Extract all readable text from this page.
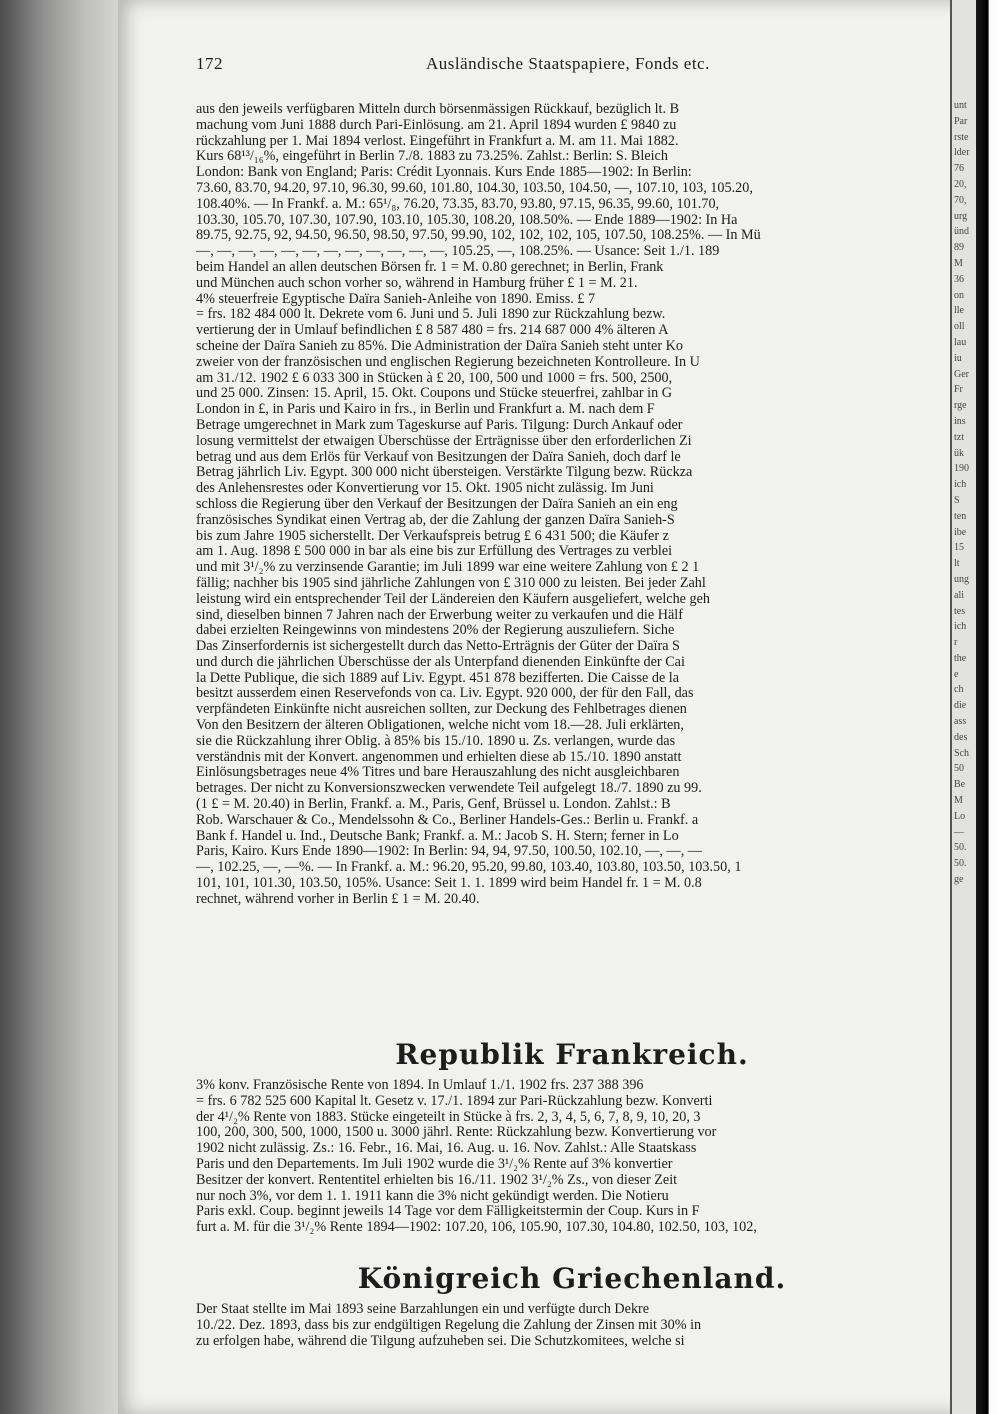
172	Ausländische Staatspapiere, Fonds etc.

aus den jeweils verfügbaren Mitteln durch börsenmässigen Rückkauf, bezüglich lt. B

machung vom Juni 1888 durch Pari-Einlösung. am 21. April 1894 wurden £ 9840 zu

rückzahlung per 1. Mai 1894 verlost. Eingeführt in Frankfurt a. M. am 11. Mai 1882.

Kurs 68¹³/₁₆%, eingeführt in Berlin 7./8. 1883 zu 73.25%. Zahlst.: Berlin: S. Bleich

London: Bank von England; Paris: Crédit Lyonnais. Kurs Ende 1885—1902: In Berlin:

73.60, 83.70, 94.20, 97.10, 96.30, 99.60, 101.80, 104.30, 103.50, 104.50, —, 107.10, 103, 105.20,

108.40%. — In Frankf. a. M.: 65¹/₈, 76.20, 73.35, 83.70, 93.80, 97.15, 96.35, 99.60, 101.70,

103.30, 105.70, 107.30, 107.90, 103.10, 105.30, 108.20, 108.50%. — Ende 1889—1902: In Ha

89.75, 92.75, 92, 94.50, 96.50, 98.50, 97.50, 99.90, 102, 102, 102, 105, 107.50, 108.25%. — In Mü

—, —, —, —, —, —, —, —, —, —, —, —, 105.25, —, 108.25%. — Usance: Seit 1./1. 189

beim Handel an allen deutschen Börsen fr. 1 = M. 0.80 gerechnet; in Berlin, Frank

und München auch schon vorher so, während in Hamburg früher £ 1 = M. 21.

4% steuerfreie Egyptische Daïra Sanieh-Anleihe von 1890. Emiss. £ 7

= frs. 182 484 000 lt. Dekrete vom 6. Juni und 5. Juli 1890 zur Rückzahlung bezw.

vertierung der in Umlauf befindlichen £ 8 587 480 = frs. 214 687 000 4% älteren A

scheine der Daïra Sanieh zu 85%. Die Administration der Daïra Sanieh steht unter Ko

zweier von der französischen und englischen Regierung bezeichneten Kontrolleure. In U

am 31./12. 1902 £ 6 033 300 in Stücken à £ 20, 100, 500 und 1000 = frs. 500, 2500,

und 25 000. Zinsen: 15. April, 15. Okt. Coupons und Stücke steuerfrei, zahlbar in G

London in £, in Paris und Kairo in frs., in Berlin und Frankfurt a. M. nach dem F

Betrage umgerechnet in Mark zum Tageskurse auf Paris. Tilgung: Durch Ankauf oder

losung vermittelst der etwaigen Überschüsse der Erträgnisse über den erforderlichen Zi

betrag und aus dem Erlös für Verkauf von Besitzungen der Daïra Sanieh, doch darf le

Betrag jährlich Liv. Egypt. 300 000 nicht übersteigen. Verstärkte Tilgung bezw. Rückza

des Anlehensrestes oder Konvertierung vor 15. Okt. 1905 nicht zulässig. Im Juni

schloss die Regierung über den Verkauf der Besitzungen der Daïra Sanieh an ein eng

französisches Syndikat einen Vertrag ab, der die Zahlung der ganzen Daïra Sanieh-S

bis zum Jahre 1905 sicherstellt. Der Verkaufspreis betrug £ 6 431 500; die Käufer z

am 1. Aug. 1898 £ 500 000 in bar als eine bis zur Erfüllung des Vertrages zu verblei

und mit 3¹/₂% zu verzinsende Garantie; im Juli 1899 war eine weitere Zahlung von £ 2 1

fällig; nachher bis 1905 sind jährliche Zahlungen von £ 310 000 zu leisten. Bei jeder Zahl

leistung wird ein entsprechender Teil der Ländereien den Käufern ausgeliefert, welche geh

sind, dieselben binnen 7 Jahren nach der Erwerbung weiter zu verkaufen und die Hälf

dabei erzielten Reingewinns von mindestens 20% der Regierung auszuliefern. Siche

Das Zinserfordernis ist sichergestellt durch das Netto-Erträgnis der Güter der Daïra S

und durch die jährlichen Überschüsse der als Unterpfand dienenden Einkünfte der Cai

la Dette Publique, die sich 1889 auf Liv. Egypt. 451 878 bezifferten. Die Caisse de la

besitzt ausserdem einen Reservefonds von ca. Liv. Egypt. 920 000, der für den Fall, das

verpfändeten Einkünfte nicht ausreichen sollten, zur Deckung des Fehlbetrages dienen

Von den Besitzern der älteren Obligationen, welche nicht vom 18.—28. Juli erklärten,

sie die Rückzahlung ihrer Oblig. à 85% bis 15./10. 1890 u. Zs. verlangen, wurde das

verständnis mit der Konvert. angenommen und erhielten diese ab 15./10. 1890 anstatt

Einlösungsbetrages neue 4% Titres und bare Herauszahlung des nicht ausgleichbaren

betrages. Der nicht zu Konversionszwecken verwendete Teil aufgelegt 18./7. 1890 zu 99.

(1 £ = M. 20.40) in Berlin, Frankf. a. M., Paris, Genf, Brüssel u. London. Zahlst.: B

Rob. Warschauer & Co., Mendelssohn & Co., Berliner Handels-Ges.: Berlin u. Frankf. a

Bank f. Handel u. Ind., Deutsche Bank; Frankf. a. M.: Jacob S. H. Stern; ferner in Lo

Paris, Kairo. Kurs Ende 1890—1902: In Berlin: 94, 94, 97.50, 100.50, 102.10, —, —, —

—, 102.25, —, —%. — In Frankf. a. M.: 96.20, 95.20, 99.80, 103.40, 103.80, 103.50, 103.50, 1

101, 101, 101.30, 103.50, 105%. Usance: Seit 1. 1. 1899 wird beim Handel fr. 1 = M. 0.8

rechnet, während vorher in Berlin £ 1 = M. 20.40.

Republik Frankreich.

3% konv. Französische Rente von 1894. In Umlauf 1./1. 1902 frs. 237 388 396

= frs. 6 782 525 600 Kapital lt. Gesetz v. 17./1. 1894 zur Pari-Rückzahlung bezw. Konverti

der 4¹/₂% Rente von 1883. Stücke eingeteilt in Stücke à frs. 2, 3, 4, 5, 6, 7, 8, 9, 10, 20, 3

100, 200, 300, 500, 1000, 1500 u. 3000 jährl. Rente: Rückzahlung bezw. Konvertierung vor

1902 nicht zulässig. Zs.: 16. Febr., 16. Mai, 16. Aug. u. 16. Nov. Zahlst.: Alle Staatskass

Paris und den Departements. Im Juli 1902 wurde die 3¹/₂% Rente auf 3% konvertier

Besitzer der konvert. Rententitel erhielten bis 16./11. 1902 3¹/₂% Zs., von dieser Zeit

nur noch 3%, vor dem 1. 1. 1911 kann die 3% nicht gekündigt werden. Die Notieru

Paris exkl. Coup. beginnt jeweils 14 Tage vor dem Fälligkeitstermin der Coup. Kurs in F

furt a. M. für die 3¹/₂% Rente 1894—1902: 107.20, 106, 105.90, 107.30, 104.80, 102.50, 103, 102,

Königreich Griechenland.

Der Staat stellte im Mai 1893 seine Barzahlungen ein und verfügte durch Dekre

10./22. Dez. 1893, dass bis zur endgültigen Regelung die Zahlung der Zinsen mit 30% in

zu erfolgen habe, während die Tilgung aufzuheben sei. Die Schutzkomitees, welche si

unt
Par
rste
lder
76
20,
70,
urg
ünd
89
M
36
on
lle
oll
lau
iu
Ger
Fr
rge
ins
tzt
ük
190
ich
S
ten
ibe
15
lt
ung
ali
tes
ich
r
the
e
ch
die
ass
des
Sch
50
Be
M
Lo
—
50.
50.
ge
